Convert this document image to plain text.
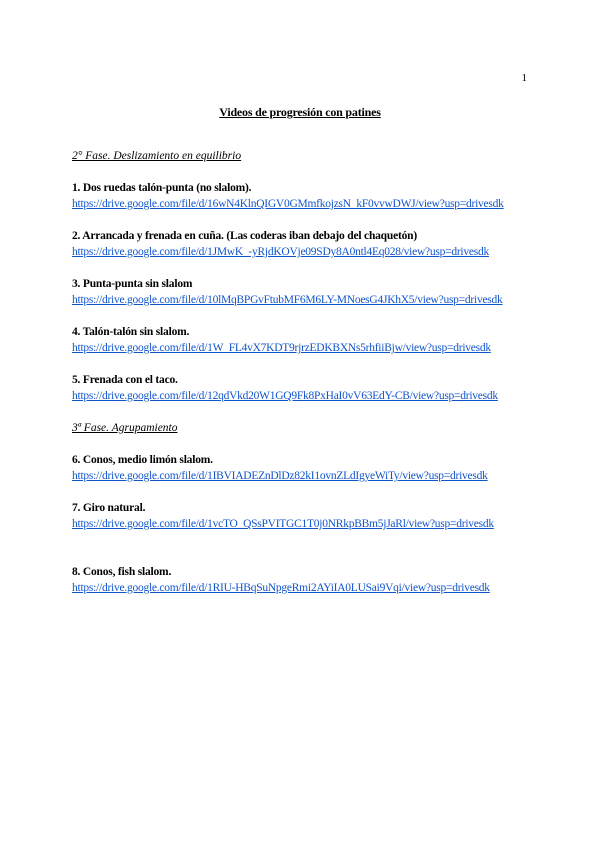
1
Videos de progresión con patines
2° Fase. Deslizamiento en equilibrio
1. Dos ruedas talón-punta (no slalom).
https://drive.google.com/file/d/16wN4KlnQIGV0GMmfkojzsN_kF0vvwDWJ/view?usp=drivesdk
2. Arrancada y frenada en cuña. (Las coderas iban debajo del chaquetón)
https://drive.google.com/file/d/1JMwK_-yRjdKOVje09SDy8A0ntl4Eq028/view?usp=drivesdk
3. Punta-punta sin slalom
https://drive.google.com/file/d/10lMqBPGvFtubMF6M6LY-MNoesG4JKhX5/view?usp=drivesdk
4. Talón-talón sin slalom.
https://drive.google.com/file/d/1W_FL4vX7KDT9rjrzEDKBXNs5rhfiiBjw/view?usp=drivesdk
5. Frenada con el taco.
https://drive.google.com/file/d/12qdVkd20W1GQ9Fk8PxHaI0vV63EdY-CB/view?usp=drivesdk
3ª Fase. Agrupamiento
6. Conos, medio limón slalom.
https://drive.google.com/file/d/1IBVIADEZnDlDz82kI1ovnZLdIgyeWiTy/view?usp=drivesdk
7. Giro natural.
https://drive.google.com/file/d/1vcTO_QSsPVITGC1T0j0NRkpBBm5jJaRl/view?usp=drivesdk
8. Conos, fish slalom.
https://drive.google.com/file/d/1RIU-HBqSuNpgeRmi2AYiIA0LUSai9Vqi/view?usp=drivesdk
